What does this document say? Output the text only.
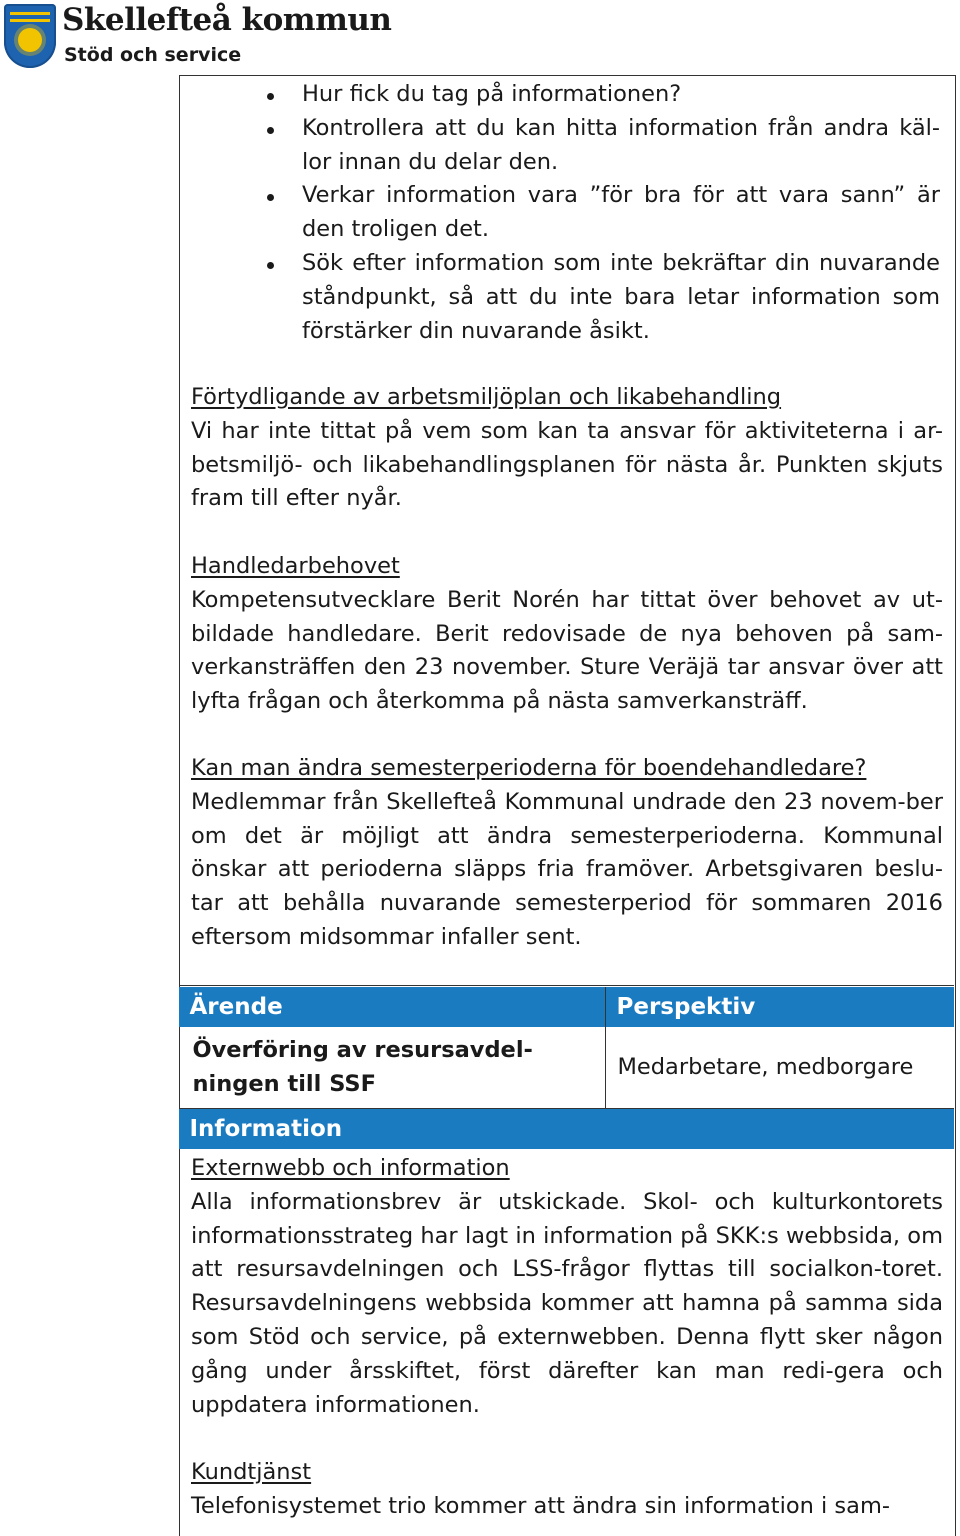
Skellefteå kommun
Stöd och service
Hur fick du tag på informationen?
Kontrollera att du kan hitta information från andra käl-lor innan du delar den.
Verkar information vara ”för bra för att vara sann” är den troligen det.
Sök efter information som inte bekräftar din nuvarande ståndpunkt, så att du inte bara letar information som förstärker din nuvarande åsikt.
Förtydligande av arbetsmiljöplan och likabehandling
Vi har inte tittat på vem som kan ta ansvar för aktiviteterna i ar-betsmiljö- och likabehandlingsplanen för nästa år. Punkten skjuts fram till efter nyår.
Handledarbehovet
Kompetensutvecklare Berit Norén har tittat över behovet av ut-bildade handledare. Berit redovisade de nya behoven på sam-verkansträffen den 23 november. Sture Veräjä tar ansvar över att lyfta frågan och återkomma på nästa samverkansträff.
Kan man ändra semesterperioderna för boendehandledare?
Medlemmar från Skellefteå Kommunal undrade den 23 novem-ber om det är möjligt att ändra semesterperioderna. Kommunal önskar att perioderna släpps fria framöver. Arbetsgivaren beslu-tar att behålla nuvarande semesterperiod för sommaren 2016 eftersom midsommar infaller sent.
Ärende	Perspektiv
Överföring av resursavdel-ningen till SSF
Medarbetare, medborgare
Information
Externwebb och information
Alla informationsbrev är utskickade. Skol- och kulturkontorets informationsstrateg har lagt in information på SKK:s webbsida, om att resursavdelningen och LSS-frågor flyttas till socialkon-toret. Resursavdelningens webbsida kommer att hamna på samma sida som Stöd och service, på externwebben. Denna flytt sker någon gång under årsskiftet, först därefter kan man redi-gera och uppdatera informationen.
Kundtjänst
Telefonisystemet trio kommer att ändra sin information i sam-
